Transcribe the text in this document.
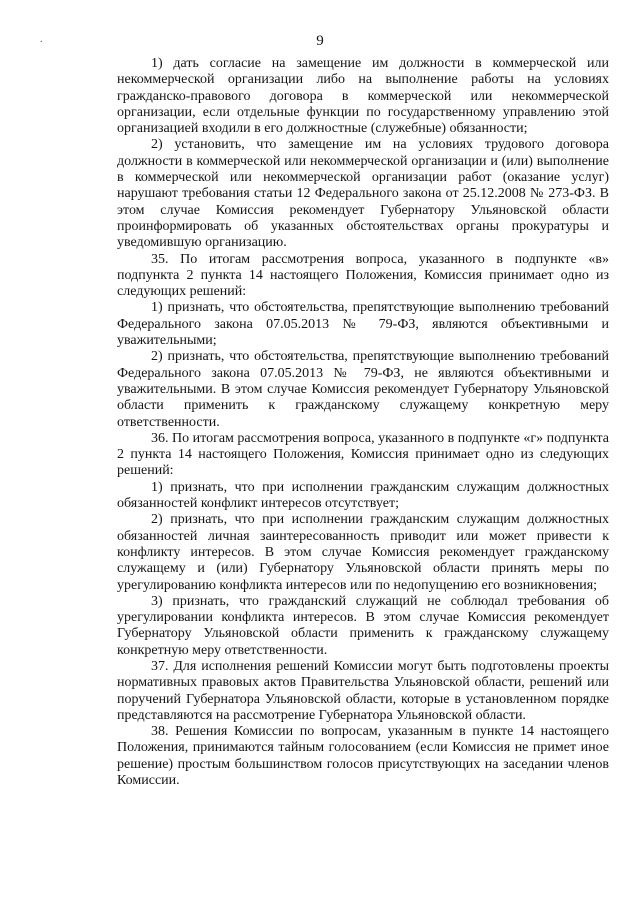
.	9

1) дать согласие на замещение им должности в коммерческой или некоммерческой организации либо на выполнение работы на условиях гражданско-правового договора в коммерческой или некоммерческой организации, если отдельные функции по государственному управлению этой организацией входили в его должностные (служебные) обязанности;

2) установить, что замещение им на условиях трудового договора должности в коммерческой или некоммерческой организации и (или) выполнение в коммерческой или некоммерческой организации работ (оказание услуг) нарушают требования статьи 12 Федерального закона от 25.12.2008 № 273-ФЗ. В этом случае Комиссия рекомендует Губернатору Ульяновской области проинформировать об указанных обстоятельствах органы прокуратуры и уведомившую организацию.

35. По итогам рассмотрения вопроса, указанного в подпункте «в» подпункта 2 пункта 14 настоящего Положения, Комиссия принимает одно из следующих решений:

1) признать, что обстоятельства, препятствующие выполнению требований Федерального закона 07.05.2013 № 79-ФЗ, являются объективными и уважительными;

2) признать, что обстоятельства, препятствующие выполнению требований Федерального закона 07.05.2013 № 79-ФЗ, не являются объективными и уважительными. В этом случае Комиссия рекомендует Губернатору Ульяновской области применить к гражданскому служащему конкретную меру ответственности.

36. По итогам рассмотрения вопроса, указанного в подпункте «г» подпункта 2 пункта 14 настоящего Положения, Комиссия принимает одно из следующих решений:

1) признать, что при исполнении гражданским служащим должностных обязанностей конфликт интересов отсутствует;

2) признать, что при исполнении гражданским служащим должностных обязанностей личная заинтересованность приводит или может привести к конфликту интересов. В этом случае Комиссия рекомендует гражданскому служащему и (или) Губернатору Ульяновской области принять меры по урегулированию конфликта интересов или по недопущению его возникновения;

3) признать, что гражданский служащий не соблюдал требования об урегулировании конфликта интересов. В этом случае Комиссия рекомендует Губернатору Ульяновской области применить к гражданскому служащему конкретную меру ответственности.

37. Для исполнения решений Комиссии могут быть подготовлены проекты нормативных правовых актов Правительства Ульяновской области, решений или поручений Губернатора Ульяновской области, которые в установленном порядке представляются на рассмотрение Губернатора Ульяновской области.

38. Решения Комиссии по вопросам, указанным в пункте 14 настоящего Положения, принимаются тайным голосованием (если Комиссия не примет иное решение) простым большинством голосов присутствующих на заседании членов Комиссии.
